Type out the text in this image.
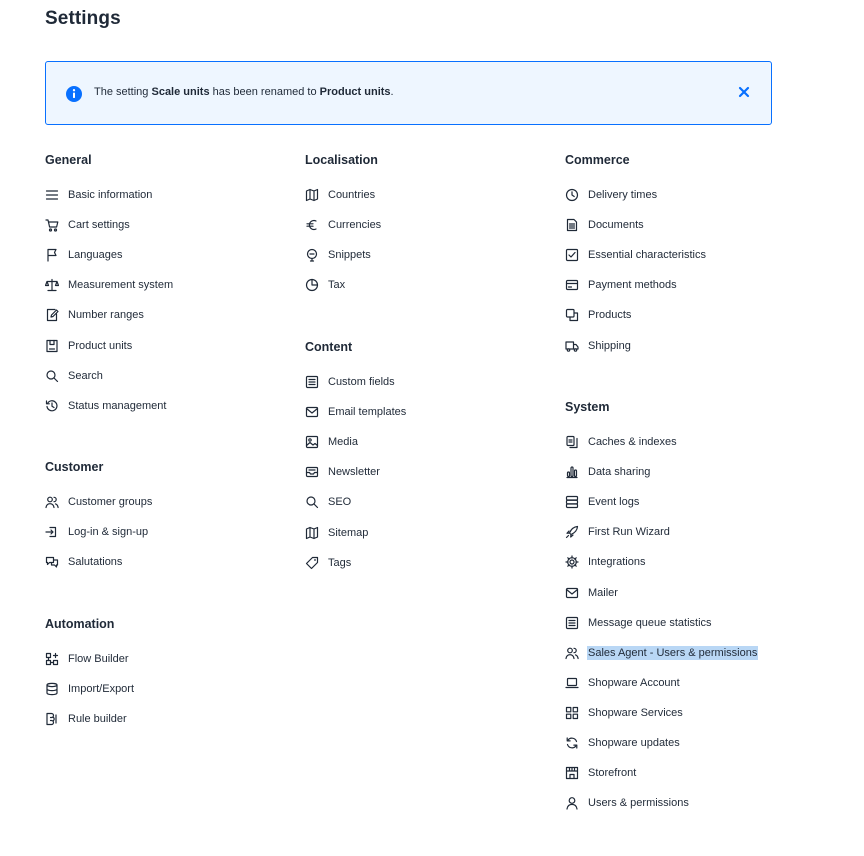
Settings
The setting Scale units has been renamed to Product units.
General
Basic information
Cart settings
Languages
Measurement system
Number ranges
Product units
Search
Status management
Customer
Customer groups
Log-in & sign-up
Salutations
Automation
Flow Builder
Import/Export
Rule builder
Localisation
Countries
Currencies
Snippets
Tax
Content
Custom fields
Email templates
Media
Newsletter
SEO
Sitemap
Tags
Commerce
Delivery times
Documents
Essential characteristics
Payment methods
Products
Shipping
System
Caches & indexes
Data sharing
Event logs
First Run Wizard
Integrations
Mailer
Message queue statistics
Sales Agent - Users & permissions
Shopware Account
Shopware Services
Shopware updates
Storefront
Users & permissions
